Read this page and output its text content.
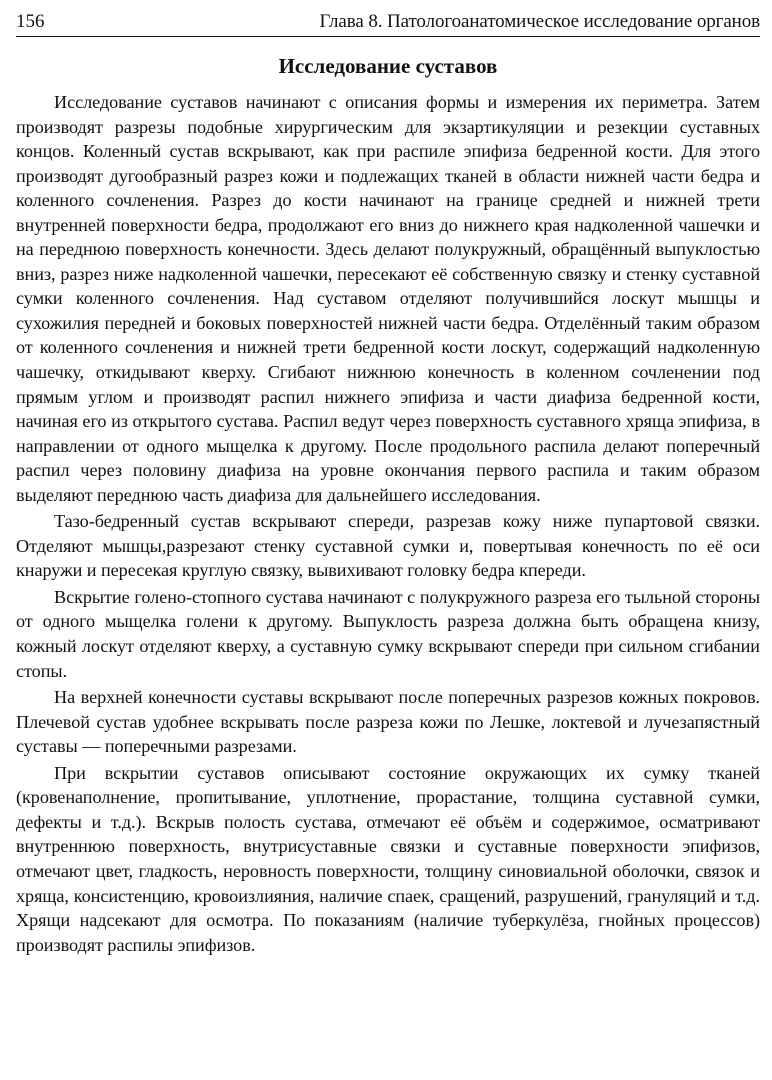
156	Глава 8. Патологоанатомическое исследование органов
Исследование суставов

Исследование суставов начинают с описания формы и измерения их периметра. Затем производят разрезы подобные хирургическим для экзартикуляции и резекции суставных концов. Коленный сустав вскрывают, как при распиле эпифиза бедренной кости. Для этого производят дугообразный разрез кожи и подлежащих тканей в области нижней части бедра и коленного сочленения. Разрез до кости начинают на границе средней и нижней трети внутренней поверхности бедра, продолжают его вниз до нижнего края надколенной чашечки и на переднюю поверхность конечности. Здесь делают полукружный, обращённый выпуклостью вниз, разрез ниже надколенной чашечки, пересекают её собственную связку и стенку суставной сумки коленного сочленения. Над суставом отделяют получившийся лоскут мышцы и сухожилия передней и боковых поверхностей нижней части бедра. Отделённый таким образом от коленного сочленения и нижней трети бедренной кости лоскут, содержащий надколенную чашечку, откидывают кверху. Сгибают нижнюю конечность в коленном сочленении под прямым углом и производят распил нижнего эпифиза и части диафиза бедренной кости, начиная его из открытого сустава. Распил ведут через поверхность суставного хряща эпифиза, в направлении от одного мыщелка к другому. После продольного распила делают поперечный распил через половину диафиза на уровне окончания первого распила и таким образом выделяют переднюю часть диафиза для дальнейшего исследования.

Тазо-бедренный сустав вскрывают спереди, разрезав кожу ниже пупартовой связки. Отделяют мышцы,разрезают стенку суставной сумки и, повертывая конечность по её оси кнаружи и пересекая круглую связку, вывихивают головку бедра кпереди.

Вскрытие голено-стопного сустава начинают с полукружного разреза его тыльной стороны от одного мыщелка голени к другому. Выпуклость разреза должна быть обращена книзу, кожный лоскут отделяют кверху, а суставную сумку вскрывают спереди при сильном сгибании стопы.

На верхней конечности суставы вскрывают после поперечных разрезов кожных покровов. Плечевой сустав удобнее вскрывать после разреза кожи по Лешке, локтевой и лучезапястный суставы — поперечными разрезами.

При вскрытии суставов описывают состояние окружающих их сумку тканей (кровенаполнение, пропитывание, уплотнение, прорастание, толщина суставной сумки, дефекты и т.д.). Вскрыв полость сустава, отмечают её объём и содержимое, осматривают внутреннюю поверхность, внутрисуставные связки и суставные поверхности эпифизов, отмечают цвет, гладкость, неровность поверхности, толщину синовиальной оболочки, связок и хряща, консистенцию, кровоизлияния, наличие спаек, сращений, разрушений, грануляций и т.д. Хрящи надсекают для осмотра. По показаниям (наличие туберкулёза, гнойных процессов) производят распилы эпифизов.
